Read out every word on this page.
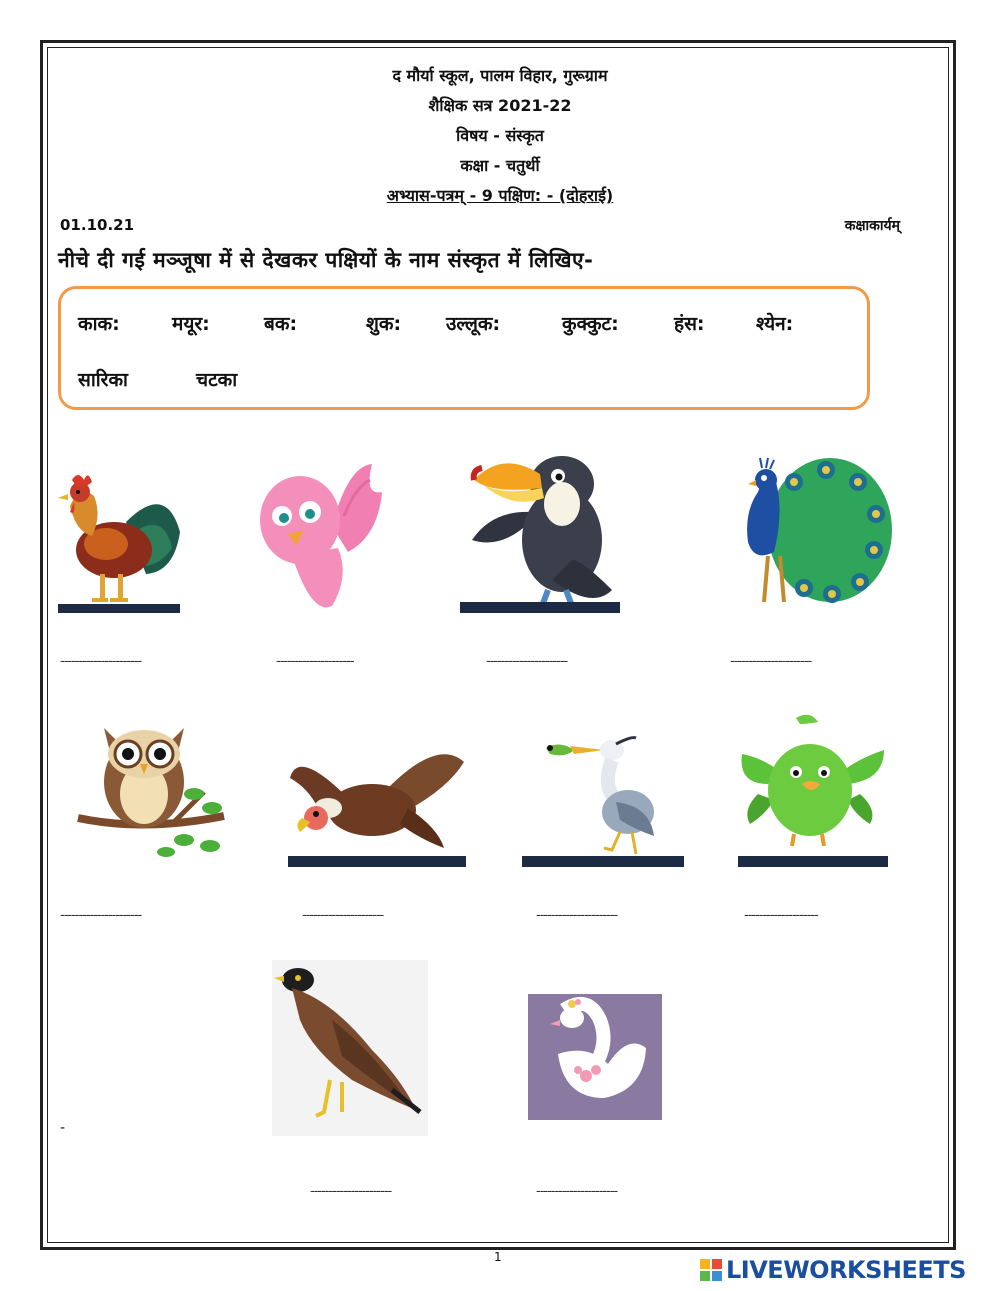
द मौर्या स्कूल, पालम विहार, गुरूग्राम
शैक्षिक सत्र 2021-22
विषय - संस्कृत
कक्षा - चतुर्थी
अभ्यास-पत्रम् - 9 पक्षिण: - (दोहराई)
01.10.21	कक्षाकार्यम्
नीचे दी गई मञ्जूषा में से देखकर पक्षियों के नाम संस्कृत में लिखिए-
काक:	मयूर:	बक:	शुक: उल्लूक:	कुक्कुट:	हंस:	श्येन:
सारिका	चटका
----------------------	---------------------	----------------------	----------------------
----------------------	----------------------	----------------------	--------------------
-
----------------------	----------------------
1	LIVEWORKSHEETS
